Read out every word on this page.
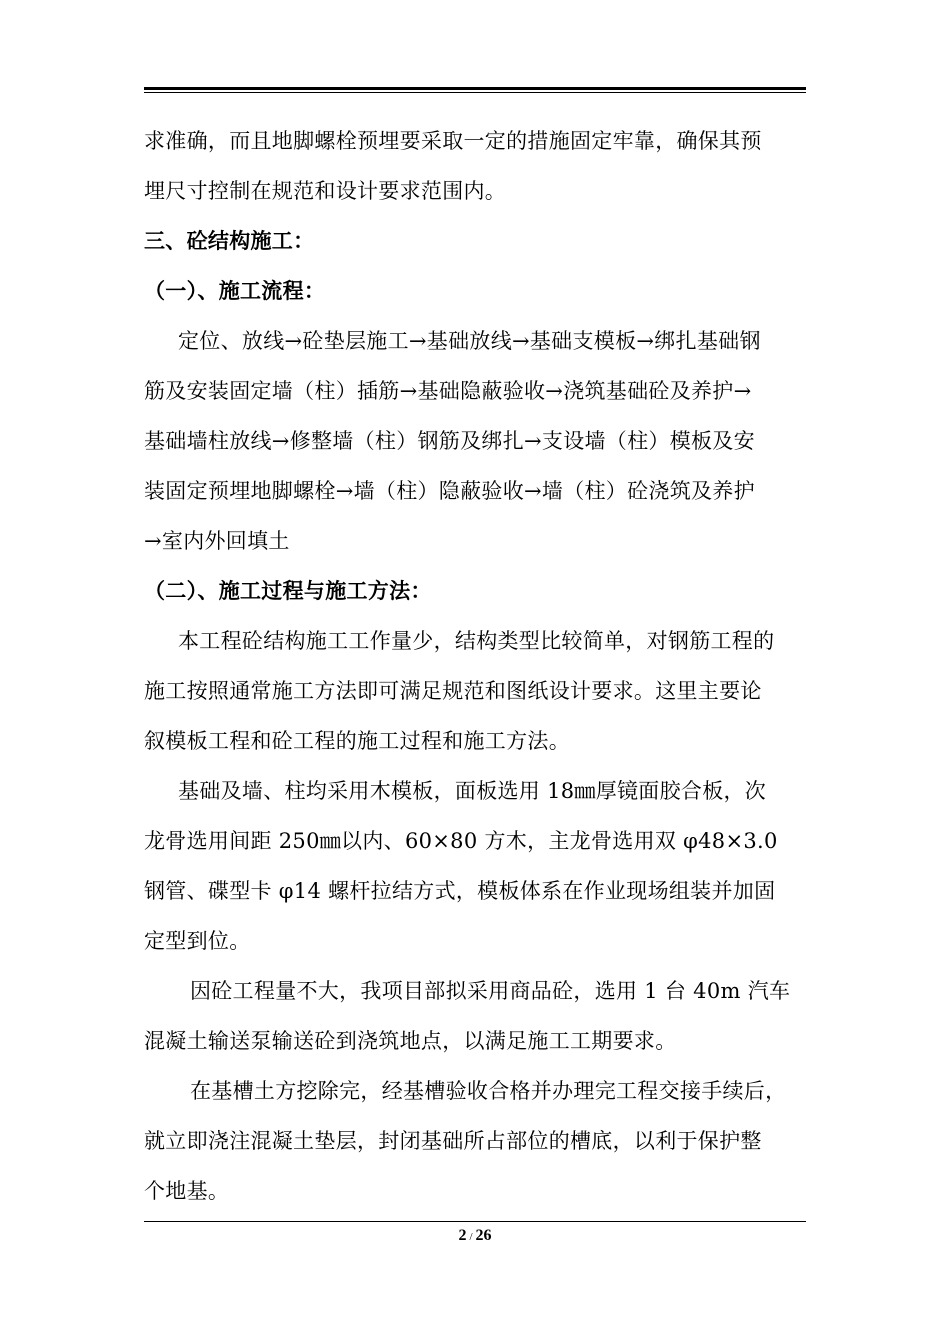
求准确，而且地脚螺栓预埋要采取一定的措施固定牢靠，确保其预
埋尺寸控制在规范和设计要求范围内。
三、砼结构施工：
（一）、施工流程：
定位、放线→砼垫层施工→基础放线→基础支模板→绑扎基础钢
筋及安装固定墙（柱）插筋→基础隐蔽验收→浇筑基础砼及养护→
基础墙柱放线→修整墙（柱）钢筋及绑扎→支设墙（柱）模板及安
装固定预埋地脚螺栓→墙（柱）隐蔽验收→墙（柱）砼浇筑及养护
→室内外回填土
（二）、施工过程与施工方法：
本工程砼结构施工工作量少，结构类型比较简单，对钢筋工程的
施工按照通常施工方法即可满足规范和图纸设计要求。这里主要论
叙模板工程和砼工程的施工过程和施工方法。
基础及墙、柱均采用木模板，面板选用 18㎜厚镜面胶合板，次
龙骨选用间距 250㎜以内、60×80 方木，主龙骨选用双 φ48×3.0
钢管、碟型卡 φ14 螺杆拉结方式，模板体系在作业现场组装并加固
定型到位。
因砼工程量不大，我项目部拟采用商品砼，选用 1 台 40m 汽车
混凝土输送泵输送砼到浇筑地点，以满足施工工期要求。
在基槽土方挖除完，经基槽验收合格并办理完工程交接手续后，
就立即浇注混凝土垫层，封闭基础所占部位的槽底，以利于保护整
个地基。
2 / 26
